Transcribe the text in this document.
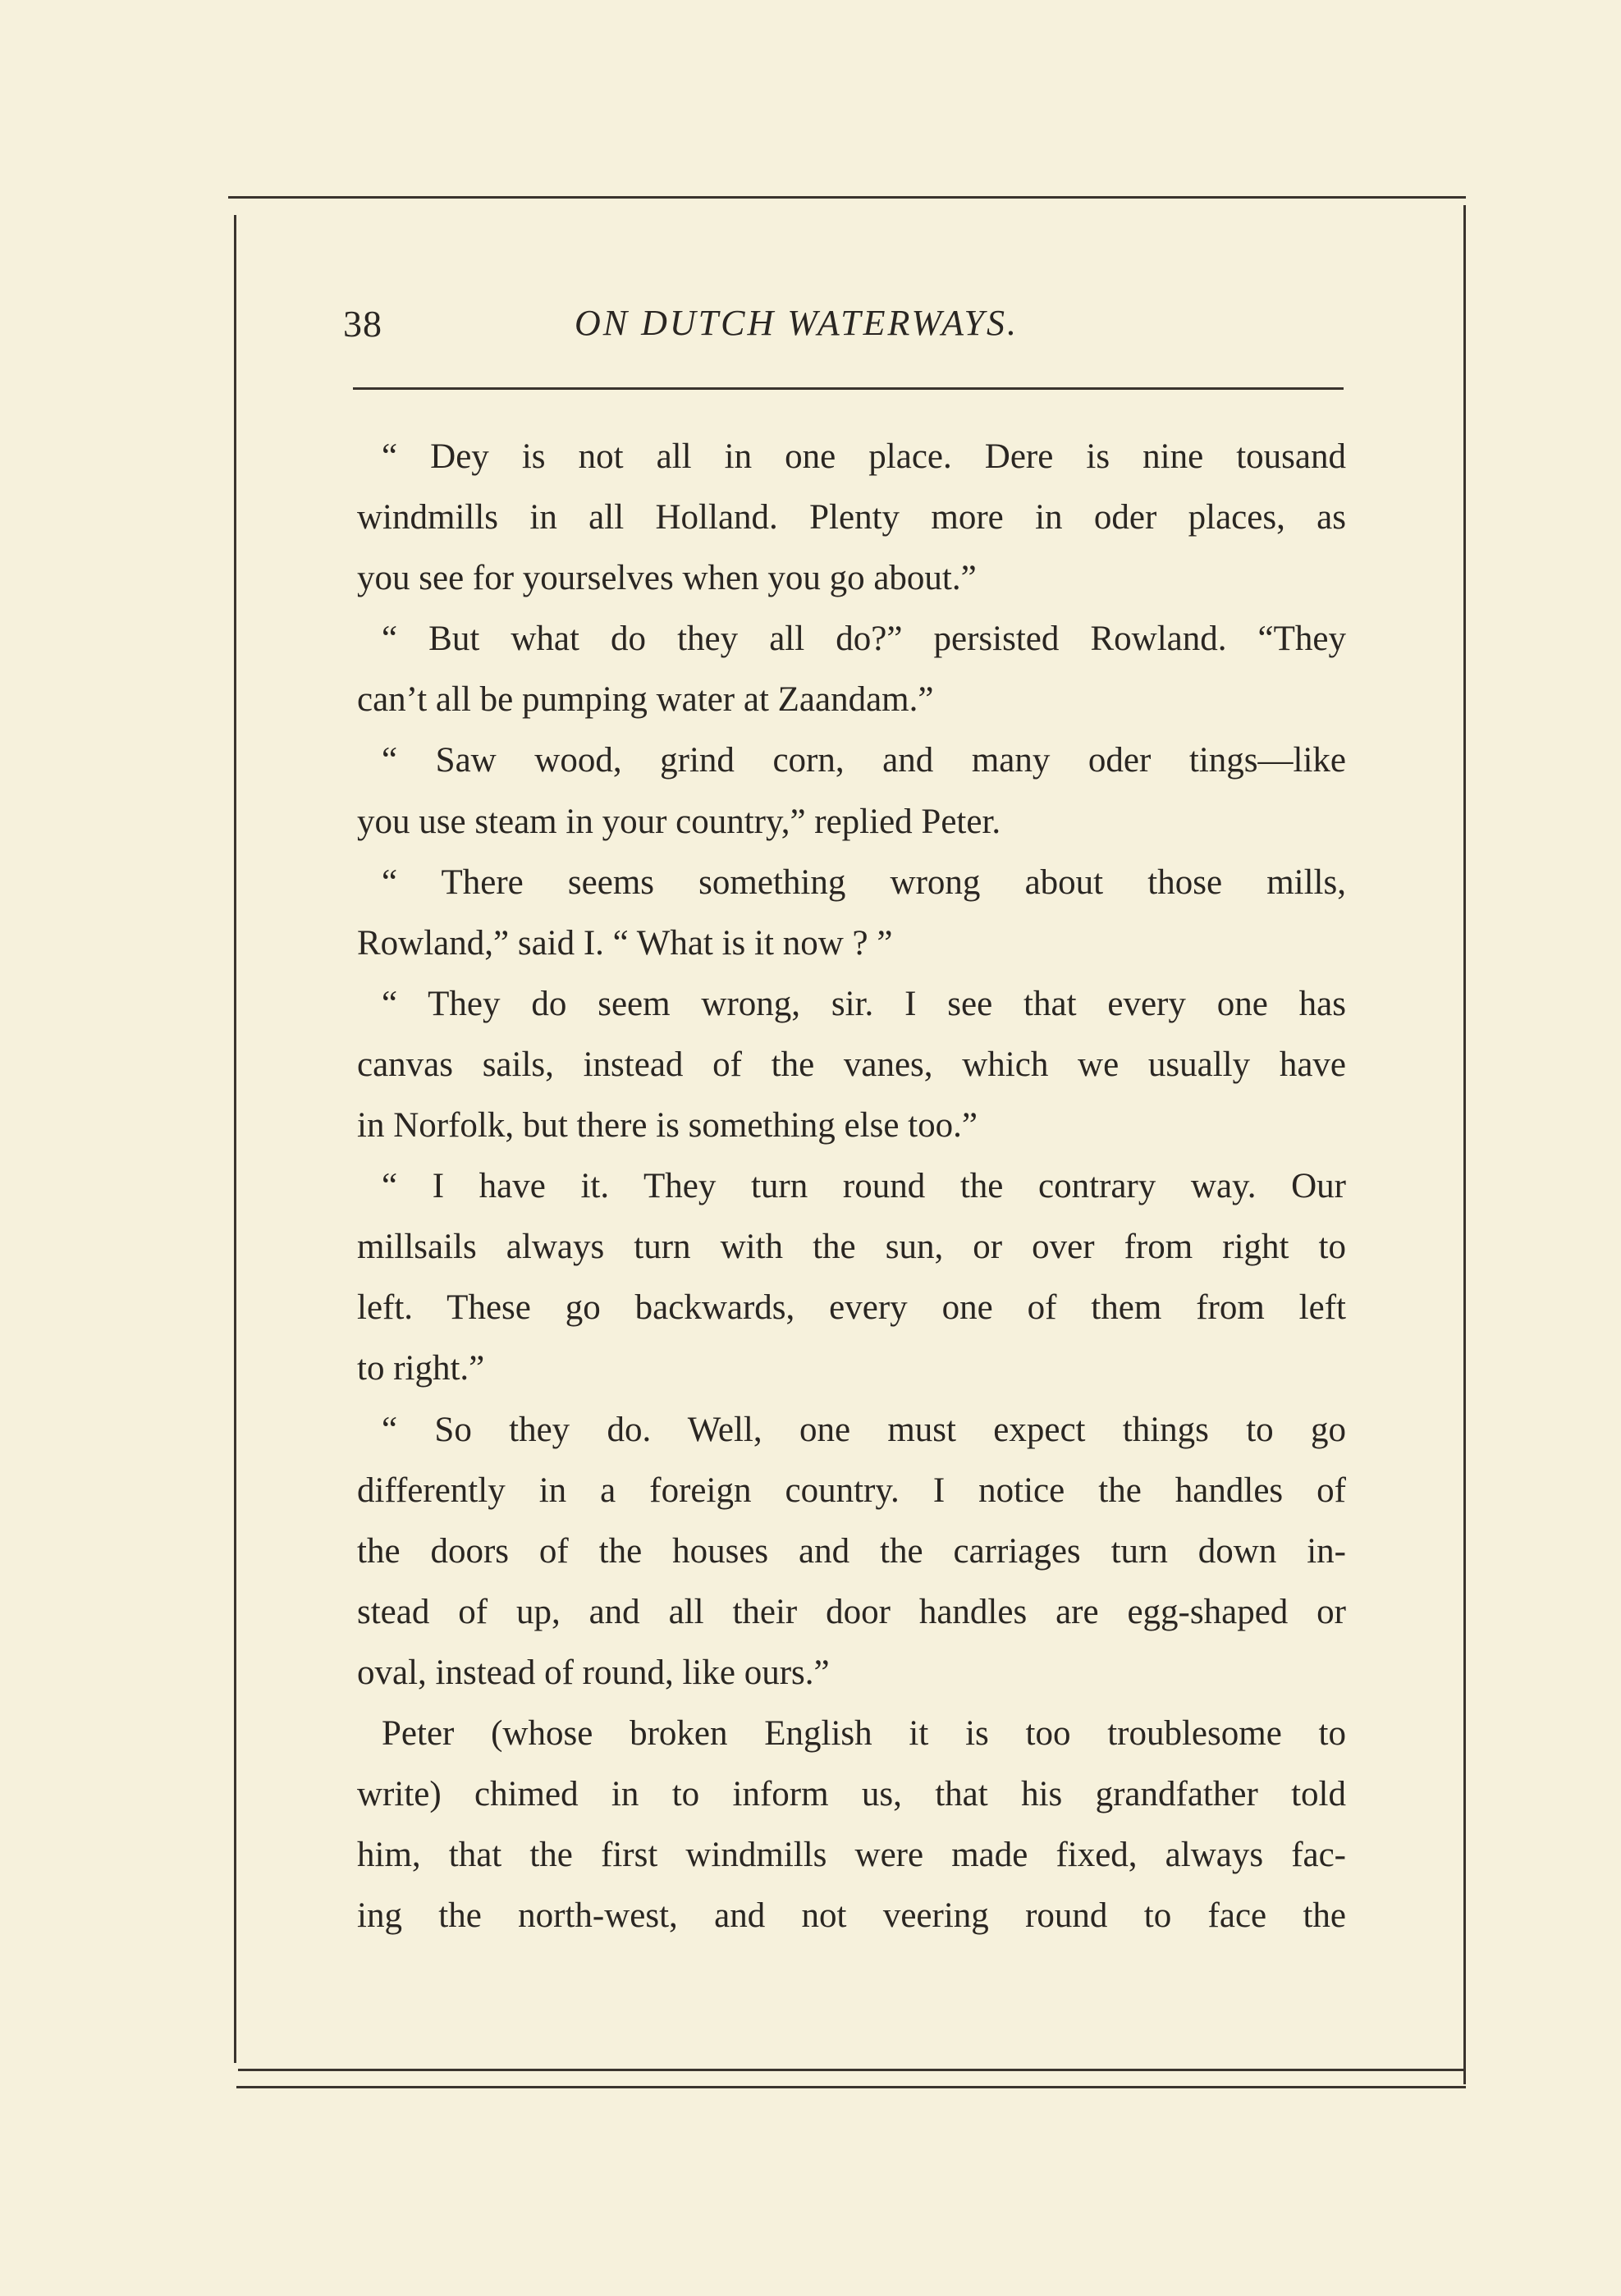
38	ON DUTCH WATERWAYS.
“ Dey is not all in one place. Dere is nine tousand
windmills in all Holland. Plenty more in oder places, as
you see for yourselves when you go about.”
“ But what do they all do?” persisted Rowland. “They
can’t all be pumping water at Zaandam.”
“ Saw wood, grind corn, and many oder tings—like
you use steam in your country,” replied Peter.
“ There seems something wrong about those mills,
Rowland,” said I. “ What is it now ? ”
“ They do seem wrong, sir. I see that every one has
canvas sails, instead of the vanes, which we usually have
in Norfolk, but there is something else too.”
“ I have it. They turn round the contrary way. Our
millsails always turn with the sun, or over from right to
left. These go backwards, every one of them from left
to right.”
“ So they do. Well, one must expect things to go
differently in a foreign country. I notice the handles of
the doors of the houses and the carriages turn down in-
stead of up, and all their door handles are egg-shaped or
oval, instead of round, like ours.”
Peter (whose broken English it is too troublesome to
write) chimed in to inform us, that his grandfather told
him, that the first windmills were made fixed, always fac-
ing the north-west, and not veering round to face the
